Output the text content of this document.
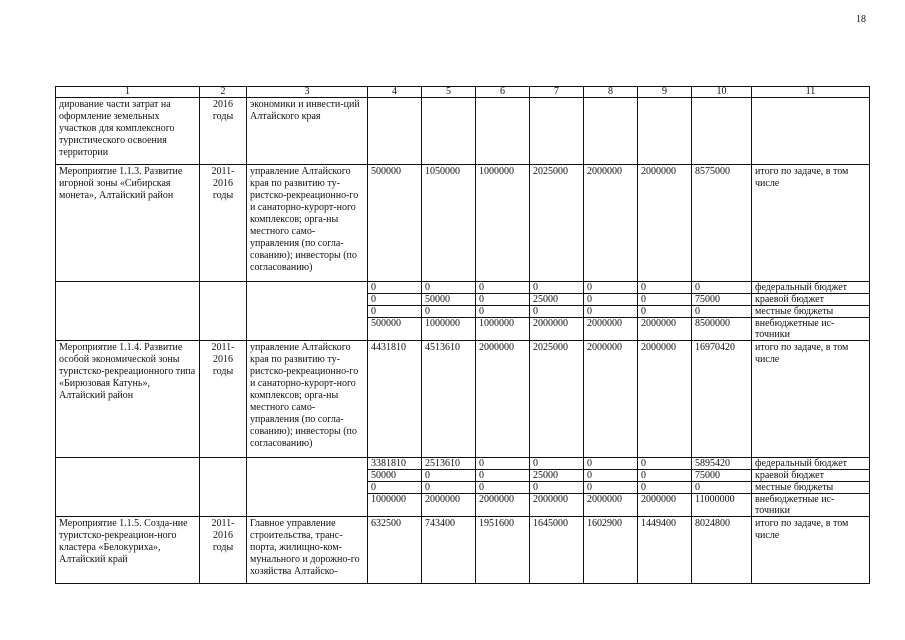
18
1	2	3	4	5	6	7	8	9	10	11
дирование части затрат на оформление земельных участков для комплексного туристического освоения территории	2016 годы	экономики и инвести-ций Алтайского края								
Мероприятие 1.1.3. Развитие игорной зоны «Сибирская монета», Алтайский район	2011-2016 годы	управление Алтайского края по развитию ту-ристско-рекреационно-го и санаторно-курорт-ного комплексов; орга-ны местного само-управления (по согла-сованию); инвесторы (по согласованию)	500000	1050000	1000000	2025000	2000000	2000000	8575000	итого по задаче, в том числе
			0	0	0	0	0	0	0	федеральный бюджет
			0	50000	0	25000	0	0	75000	краевой бюджет
			0	0	0	0	0	0	0	местные бюджеты
			500000	1000000	1000000	2000000	2000000	2000000	8500000	внебюджетные ис-точники
Мероприятие 1.1.4. Развитие особой экономической зоны туристско-рекреационного типа «Бирюзовая Катунь», Алтайский район	2011-2016 годы	управление Алтайского края по развитию ту-ристско-рекреационно-го и санаторно-курорт-ного комплексов; орга-ны местного само-управления (по согла-сованию); инвесторы (по согласованию)	4431810	4513610	2000000	2025000	2000000	2000000	16970420	итого по задаче, в том числе
			3381810	2513610	0	0	0	0	5895420	федеральный бюджет
			50000	0	0	25000	0	0	75000	краевой бюджет
			0	0	0	0	0	0	0	местные бюджеты
			1000000	2000000	2000000	2000000	2000000	2000000	11000000	внебюджетные ис-точники
Мероприятие 1.1.5. Созда-ние туристско-рекреацион-ного кластера «Белокуриха», Алтайский край	2011-2016 годы	Главное управление строительства, транс-порта, жилищно-ком-мунального и дорожно-го хозяйства Алтайско-	632500	743400	1951600	1645000	1602900	1449400	8024800	итого по задаче, в том числе
